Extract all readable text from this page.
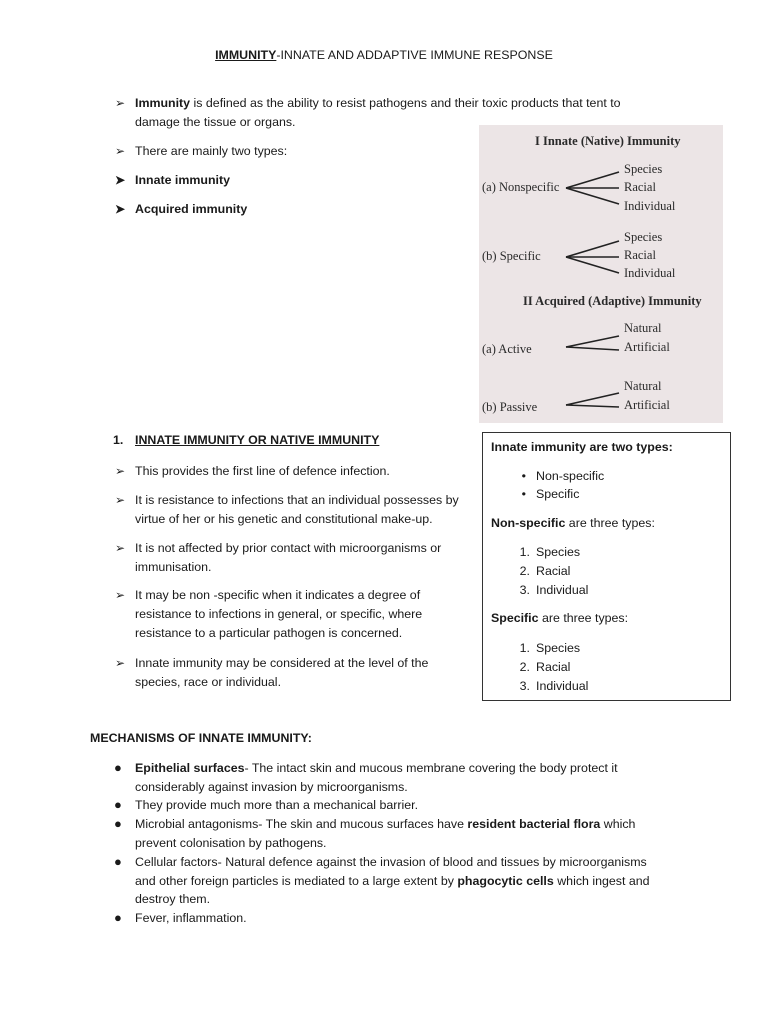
IMMUNITY-INNATE AND ADDAPTIVE IMMUNE RESPONSE
➢ Immunity is defined as the ability to resist pathogens and their toxic products that tent to
damage the tissue or organs.
➢ There are mainly two types:
➤ Innate immunity
➤ Acquired immunity
I Innate (Native) Immunity
(a) Nonspecific
Species
Racial
Individual
(b) Specific
Species
Racial
Individual
II Acquired (Adaptive) Immunity
(a) Active
Natural
Artificial
(b) Passive
Natural
Artificial
1. INNATE IMMUNITY OR NATIVE IMMUNITY
➢ This provides the first line of defence infection.
➢ It is resistance to infections that an individual possesses by
virtue of her or his genetic and constitutional make-up.
➢ It is not affected by prior contact with microorganisms or
immunisation.
➢ It may be non -specific when it indicates a degree of
resistance to infections in general, or specific, where
resistance to a particular pathogen is concerned.
➢ Innate immunity may be considered at the level of the
species, race or individual.
Innate immunity are two types:
• Non-specific
• Specific
Non-specific are three types:
1. Species
2. Racial
3. Individual
Specific are three types:
1. Species
2. Racial
3. Individual
MECHANISMS OF INNATE IMMUNITY:
● Epithelial surfaces- The intact skin and mucous membrane covering the body protect it
considerably against invasion by microorganisms.
● They provide much more than a mechanical barrier.
● Microbial antagonisms- The skin and mucous surfaces have resident bacterial flora which
prevent colonisation by pathogens.
● Cellular factors- Natural defence against the invasion of blood and tissues by microorganisms
and other foreign particles is mediated to a large extent by phagocytic cells which ingest and
destroy them.
● Fever, inflammation.
